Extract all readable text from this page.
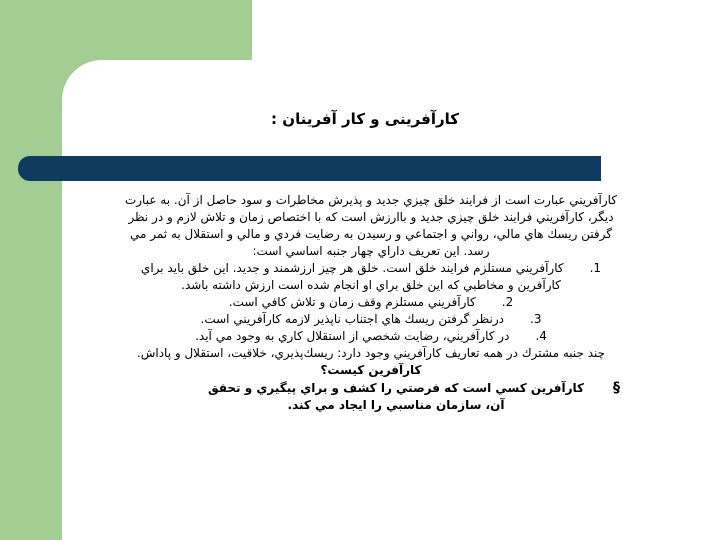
کارآفرینی و کار آفرینان :

كارآفريني عبارت است از فرايند خلق چيزي جديد و پذيرش مخاطرات و سود حاصل از آن. به عبارت ديگر، كارآفريني فرايند خلق چيزي جديد و باارزش است كه با اختصاص زمان و تلاش لازم و در نظر گرفتن ريسك هاي مالي، رواني و اجتماعي و رسيدن به رضايت فردي و مالي و استقلال به ثمر مي رسد. اين تعريف داراي چهار جنبه اساسي است:

1.كارآفريني مستلزم فرايند خلق است. خلق هر چيز ارزشمند و جديد. اين خلق بايد براي كارآفرين و مخاطبي كه اين خلق براي او انجام شده است ارزش داشته باشد.

2.كارآفريني مستلزم وقف زمان و تلاش كافي است.

3.درنظر گرفتن ريسك هاي اجتناب ناپذير لازمه كارآفريني است.

4.در كارآفريني، رضايت شخصي از استقلال كاري به وجود مي آيد.

چند جنبه مشترك در همه تعاريف كارآفريني وجود دارد: ريسك‌پذيري، خلاقيت، استقلال و پاداش.

كارآفرين كيست؟

§
كارآفرين كسي است كه فرصتي را كشف و براي پيگيري و تحقق آن، سازمان مناسبي را ايجاد مي كند.
